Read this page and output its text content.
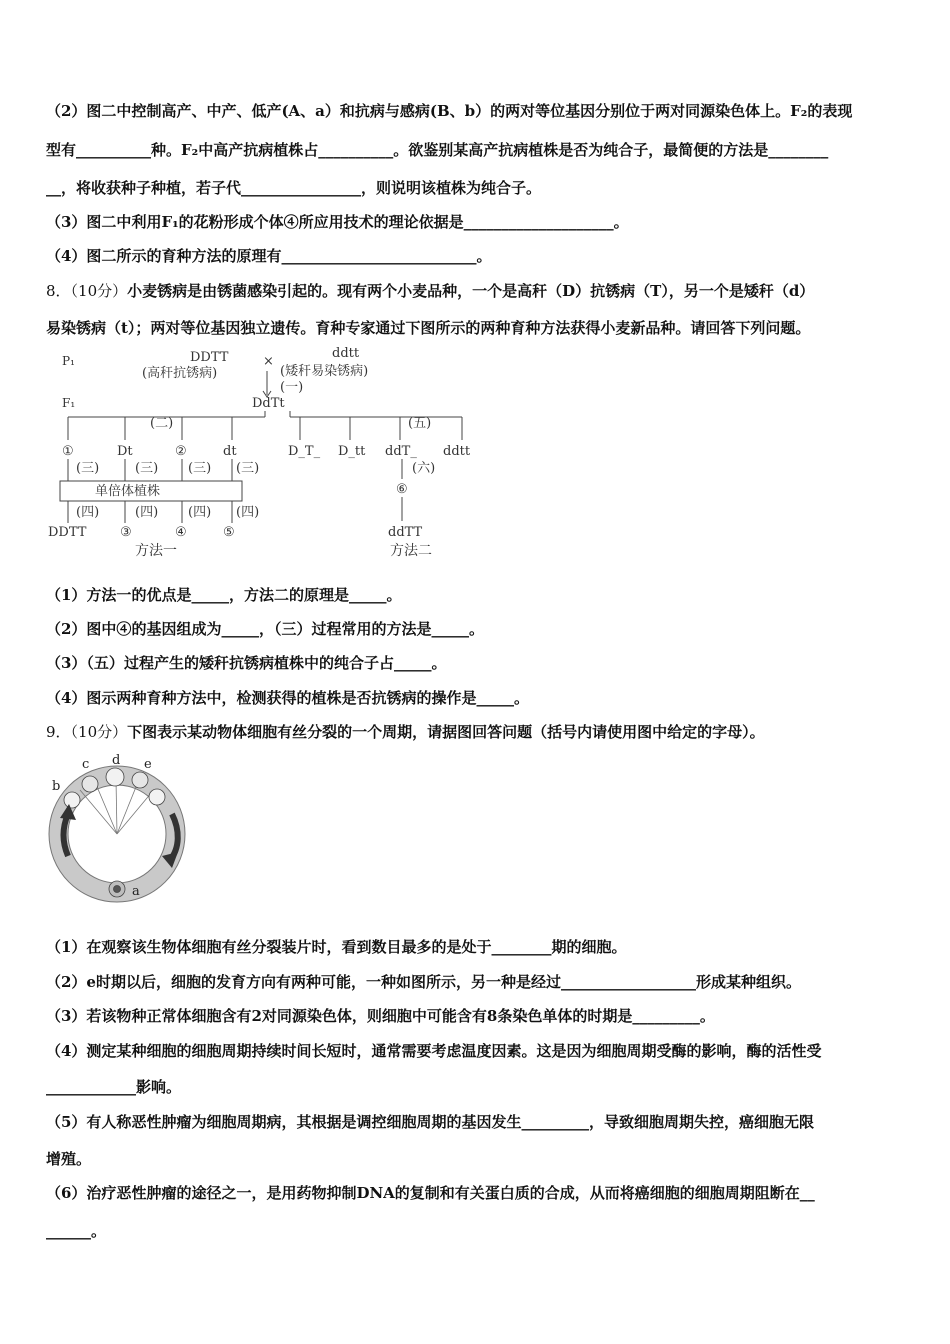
（2）图二中控制高产、中产、低产(A、a）和抗病与感病(B、b）的两对等位基因分别位于两对同源染色体上。F₂的表现
型有__________种。F₂中高产抗病植株占__________。欲鉴别某高产抗病植株是否为纯合子，最简便的方法是________
__，将收获种子种植，若子代________________，则说明该植株为纯合子。
（3）图二中利用F₁的花粉形成个体④所应用技术的理论依据是____________________。
（4）图二所示的育种方法的原理有__________________________。
8．（10分）小麦锈病是由锈菌感染引起的。现有两个小麦品种，一个是高秆（D）抗锈病（T），另一个是矮秆（d）
易染锈病（t）；两对等位基因独立遗传。育种专家通过下图所示的两种育种方法获得小麦新品种。请回答下列问题。
P₁
F₁
DDTT
(高秆抗锈病)
×
ddtt
(矮秆易染锈病)
(一)
DdTt
(二)	(五)
①	Dt	②	dt
(三)	(三) (三) (三)
单倍体植株
(四)	(四) (四) (四)
DDTT	③	④	⑤
D_T_ D_tt ddT_ ddtt
(六)
⑥
ddTT
方法一	方法二
（1）方法一的优点是_____，方法二的原理是_____。
（2）图中④的基因组成为_____，（三）过程常用的方法是_____。
（3）（五）过程产生的矮秆抗锈病植株中的纯合子占_____。
（4）图示两种育种方法中，检测获得的植株是否抗锈病的操作是_____。
9．（10分）下图表示某动物体细胞有丝分裂的一个周期，请据图回答问题（括号内请使用图中给定的字母）。
a
b
c d e
（1）在观察该生物体细胞有丝分裂装片时，看到数目最多的是处于________期的细胞。
（2）e时期以后，细胞的发育方向有两种可能，一种如图所示，另一种是经过__________________形成某种组织。
（3）若该物种正常体细胞含有2对同源染色体，则细胞中可能含有8条染色单体的时期是_________。
（4）测定某种细胞的细胞周期持续时间长短时，通常需要考虑温度因素。这是因为细胞周期受酶的影响，酶的活性受
____________影响。
（5）有人称恶性肿瘤为细胞周期病，其根据是调控细胞周期的基因发生_________，导致细胞周期失控，癌细胞无限
增殖。
（6）治疗恶性肿瘤的途径之一，是用药物抑制DNA的复制和有关蛋白质的合成，从而将癌细胞的细胞周期阻断在__
______。
